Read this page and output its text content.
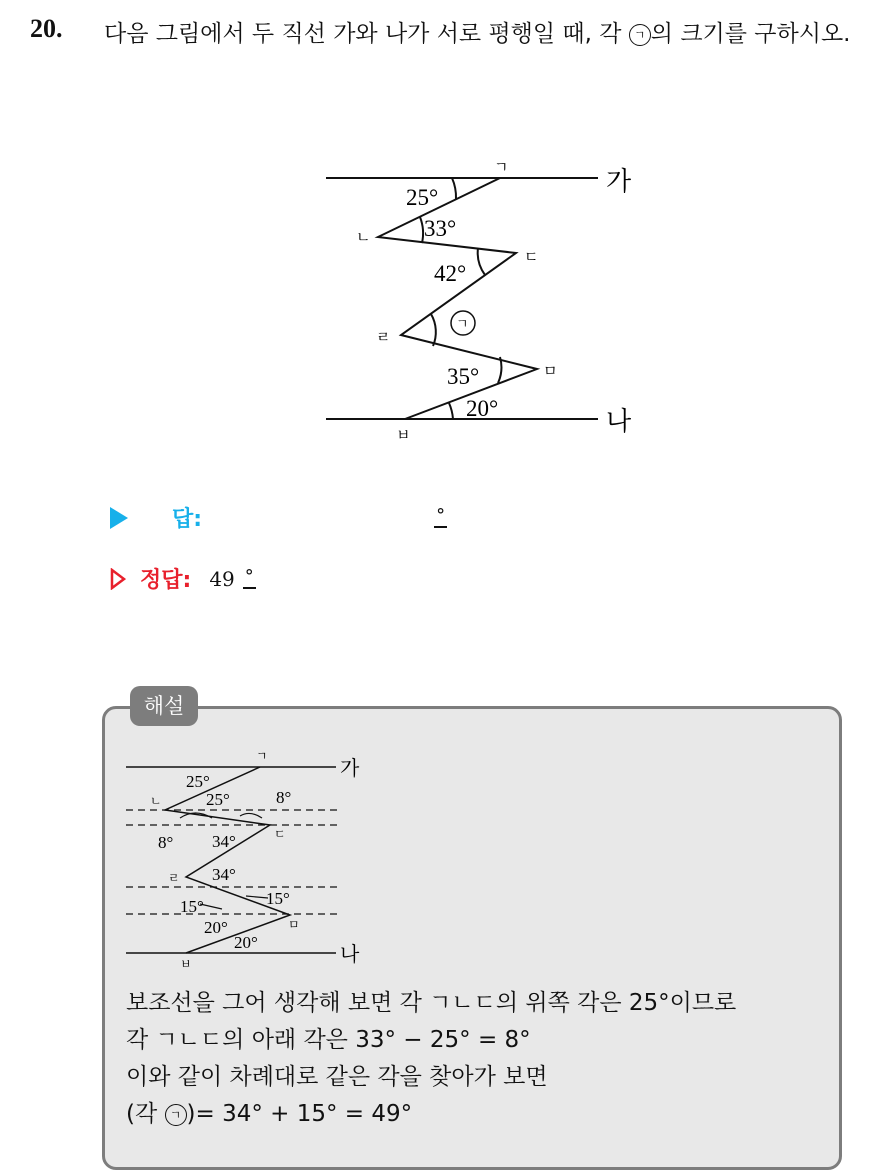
20. 다음 그림에서 두 직선 가와 나가 서로 평행일 때, 각 ㄱ 의 크기를 구하시오.
25°
33°
42°
35°
20°
ㄱ
ㄱ
ㄴ
ㄷ
ㄹ
ㅁ
ㅂ
가
나
답:	°
정답: 49 °
해설
25°
25°	8°
8° 34°
34°
15°	15°
20°
20°
ㄱ
ㄴ
ㄷ
ㄹ
ㅁ
ㅂ
가
나
보조선을 그어 생각해 보면 각 ㄱㄴㄷ의 위쪽 각은 25°이므로
각 ㄱㄴㄷ의 아래 각은 33° − 25° = 8°
이와 같이 차례대로 같은 각을 찾아가 보면
(각 ㄱ )= 34° + 15° = 49°
